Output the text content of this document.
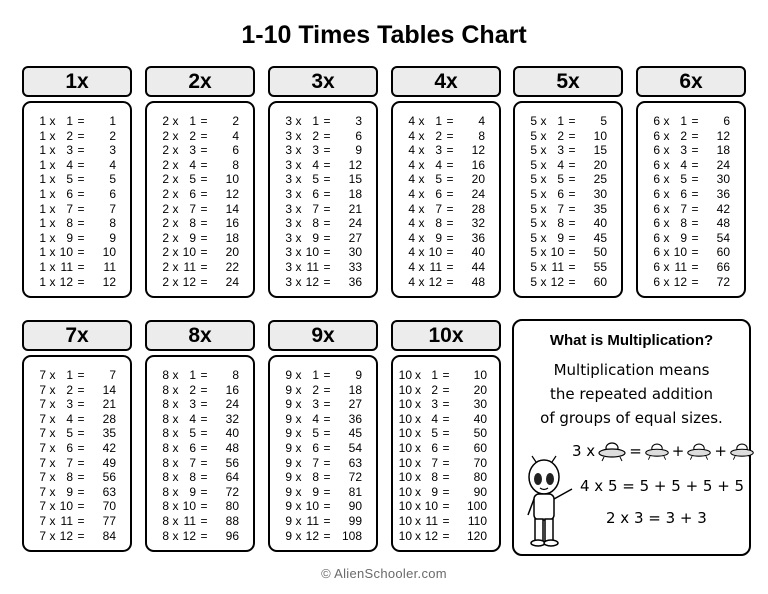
1-10 Times Tables Chart
1x
1 x 1 =	1
1 x 2 =	2
1 x 3 =	3
1 x 4 =	4
1 x 5 =	5
1 x 6 =	6
1 x 7 =	7
1 x 8 =	8
1 x 9 =	9
1 x 10 =	10
1 x 11 =	11
1 x 12 =	12
2x
2 x 1 =	2
2 x 2 =	4
2 x 3 =	6
2 x 4 =	8
2 x 5 =	10
2 x 6 =	12
2 x 7 =	14
2 x 8 =	16
2 x 9 =	18
2 x 10 =	20
2 x 11 =	22
2 x 12 =	24
3x
3 x 1 =	3
3 x 2 =	6
3 x 3 =	9
3 x 4 =	12
3 x 5 =	15
3 x 6 =	18
3 x 7 =	21
3 x 8 =	24
3 x 9 =	27
3 x 10 =	30
3 x 11 =	33
3 x 12 =	36
4x
4 x 1 =	4
4 x 2 =	8
4 x 3 =	12
4 x 4 =	16
4 x 5 =	20
4 x 6 =	24
4 x 7 =	28
4 x 8 =	32
4 x 9 =	36
4 x 10 =	40
4 x 11 =	44
4 x 12 =	48
5x
5 x 1 =	5
5 x 2 =	10
5 x 3 =	15
5 x 4 =	20
5 x 5 =	25
5 x 6 =	30
5 x 7 =	35
5 x 8 =	40
5 x 9 =	45
5 x 10 =	50
5 x 11 =	55
5 x 12 =	60
6x
6 x 1 =	6
6 x 2 =	12
6 x 3 =	18
6 x 4 =	24
6 x 5 =	30
6 x 6 =	36
6 x 7 =	42
6 x 8 =	48
6 x 9 =	54
6 x 10 =	60
6 x 11 =	66
6 x 12 =	72
7x
7 x 1 =	7
7 x 2 =	14
7 x 3 =	21
7 x 4 =	28
7 x 5 =	35
7 x 6 =	42
7 x 7 =	49
7 x 8 =	56
7 x 9 =	63
7 x 10 =	70
7 x 11 =	77
7 x 12 =	84
8x
8 x 1 =	8
8 x 2 =	16
8 x 3 =	24
8 x 4 =	32
8 x 5 =	40
8 x 6 =	48
8 x 7 =	56
8 x 8 =	64
8 x 9 =	72
8 x 10 =	80
8 x 11 =	88
8 x 12 =	96
9x
9 x 1 =	9
9 x 2 =	18
9 x 3 =	27
9 x 4 =	36
9 x 5 =	45
9 x 6 =	54
9 x 7 =	63
9 x 8 =	72
9 x 9 =	81
9 x 10 =	90
9 x 11 =	99
9 x 12 = 108
10x
10 x 1 =	10
10 x 2 =	20
10 x 3 =	30
10 x 4 =	40
10 x 5 =	50
10 x 6 =	60
10 x 7 =	70
10 x 8 =	80
10 x 9 =	90
10 x 10 =	100
10 x 11 =	110
10 x 12 =	120
What is Multiplication?
Multiplication means
the repeated addition
of groups of equal sizes.
3 x = + +
4 x 5 = 5 + 5 + 5 + 5
2 x 3 = 3 + 3
© AlienSchooler.com
